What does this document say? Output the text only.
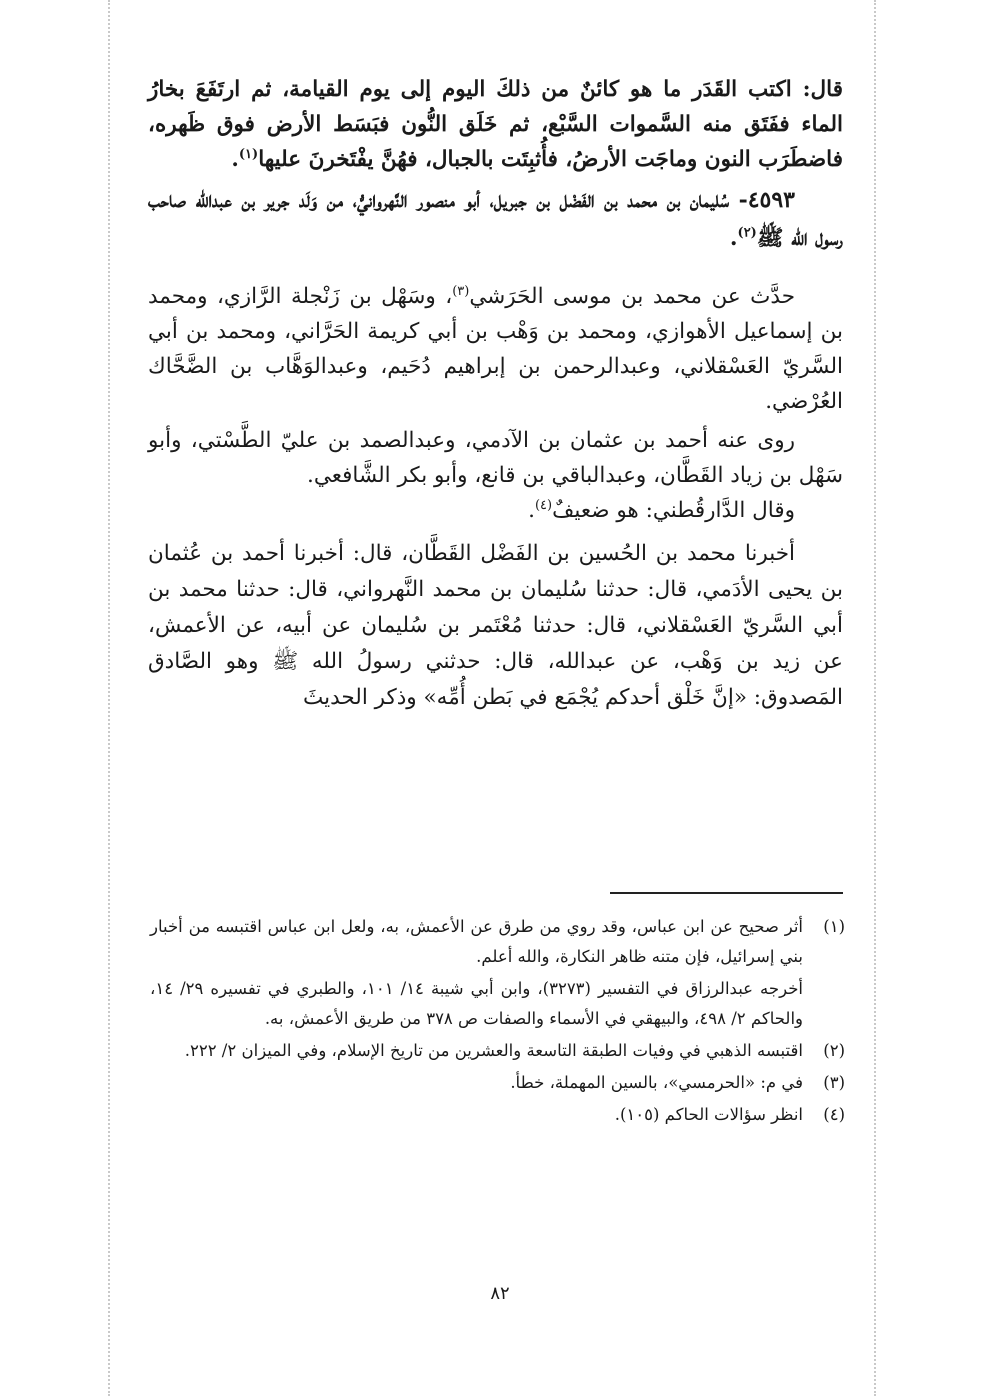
قال: اكتب القَدَر ما هو كائنٌ من ذلكَ اليوم إلى يوم القيامة، ثم ارتَفَعَ بخارُ الماء ففَتَق منه السَّموات السَّبْع، ثم خَلَق النُّون فبَسَط الأرض فوق ظَهره، فاضطَرَب النون وماجَت الأرضُ، فأُثبِتَت بالجبال، فهُنَّ يفْتَخرنَ عليها$^{(١)}$.

٤٥٩٣- سُليمان بن محمد بن الفَضْل بن جبريل، أبو منصور النَّهروانيُّ، من وَلَد جرير بن عبدالله صاحب رسول الله ﷺ$^{(٢)}$.

حدَّث عن محمد بن موسى الحَرَشي$^{(٣)}$، وسَهْل بن زَنْجلة الرَّازي، ومحمد بن إسماعيل الأهوازي، ومحمد بن وَهْب بن أبي كريمة الحَرَّاني، ومحمد بن أبي السَّريّ العَسْقلاني، وعبدالرحمن بن إبراهيم دُحَيم، وعبدالوَهَّاب بن الضَّحَّاك العُرْضي.

روى عنه أحمد بن عثمان بن الآدمي، وعبدالصمد بن عليّ الطَّسْتي، وأبو سَهْل بن زياد القَطَّان، وعبدالباقي بن قانع، وأبو بكر الشَّافعي.

وقال الدَّارقُطني: هو ضعيفٌ$^{(٤)}$.

أخبرنا محمد بن الحُسين بن الفَضْل القَطَّان، قال: أخبرنا أحمد بن عُثمان بن يحيى الأدَمي، قال: حدثنا سُليمان بن محمد النَّهرواني، قال: حدثنا محمد بن أبي السَّريّ العَسْقلاني، قال: حدثنا مُعْتَمر بن سُليمان عن أبيه، عن الأعمش، عن زيد بن وَهْب، عن عبدالله، قال: حدثني رسولُ الله ﷺ وهو الصَّادق المَصدوق: «إنَّ خَلْق أحدكم يُجْمَع في بَطن أُمِّه» وذكر الحديثَ

(١)
أثر صحيح عن ابن عباس، وقد روي من طرق عن الأعمش، به، ولعل ابن عباس اقتبسه من أخبار بني إسرائيل، فإن متنه ظاهر النكارة، والله أعلم.
أخرجه عبدالرزاق في التفسير (٣٢٧٣)، وابن أبي شيبة ١٤/ ١٠١، والطبري في تفسيره ٢٩/ ١٤، والحاكم ٢/ ٤٩٨، والبيهقي في الأسماء والصفات ص ٣٧٨ من طريق الأعمش، به.
(٢)
اقتبسه الذهبي في وفيات الطبقة التاسعة والعشرين من تاريخ الإسلام، وفي الميزان ٢/ ٢٢٢.
(٣)
في م: «الحرمسي»، بالسين المهملة، خطأ.
(٤)
انظر سؤالات الحاكم (١٠٥).
٨٢
